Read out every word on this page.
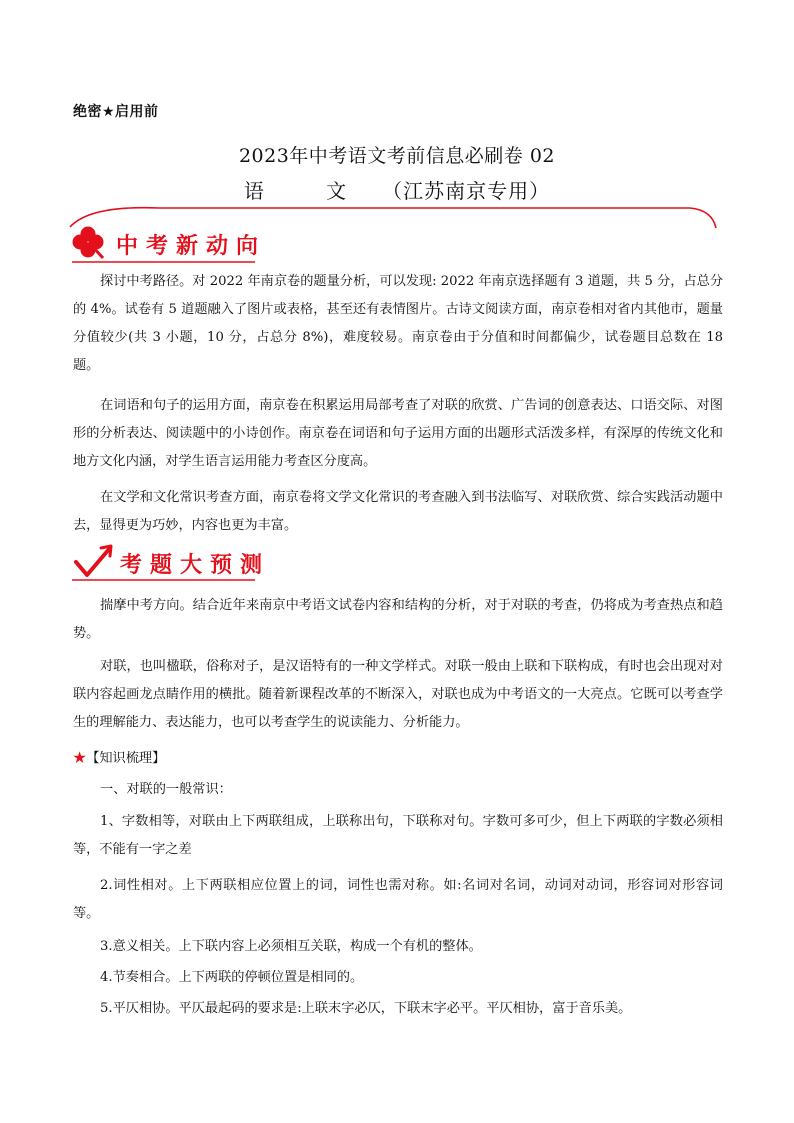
绝密★启用前
2023年中考语文考前信息必刷卷 02
语 文 （江苏南京专用）
中考新动向

探讨中考路径。对 2022 年南京卷的题量分析，可以发现: 2022 年南京选择题有 3 道题，共 5 分，占总分的 4%。试卷有 5 道题融入了图片或表格，甚至还有表情图片。古诗文阅读方面，南京卷相对省内其他市，题量分值较少(共 3 小题，10 分，占总分 8%)，难度较易。南京卷由于分值和时间都偏少，试卷题目总数在 18 题。

在词语和句子的运用方面，南京卷在积累运用局部考查了对联的欣赏、广告词的创意表达、口语交际、对图形的分析表达、阅读题中的小诗创作。南京卷在词语和句子运用方面的出题形式活泼多样，有深厚的传统文化和地方文化内涵，对学生语言运用能力考查区分度高。

在文学和文化常识考查方面，南京卷将文学文化常识的考查融入到书法临写、对联欣赏、综合实践活动题中去，显得更为巧妙，内容也更为丰富。

考题大预测

揣摩中考方向。结合近年来南京中考语文试卷内容和结构的分析，对于对联的考查，仍将成为考查热点和趋势。

对联，也叫楹联，俗称对子，是汉语特有的一种文学样式。对联一般由上联和下联构成，有时也会出现对对联内容起画龙点睛作用的横批。随着新课程改革的不断深入，对联也成为中考语文的一大亮点。它既可以考查学生的理解能力、表达能力，也可以考查学生的说读能力、分析能力。

★【知识梳理】

一、对联的一般常识：

1、字数相等，对联由上下两联组成，上联称出句，下联称对句。字数可多可少，但上下两联的字数必须相等，不能有一字之差

2.词性相对。上下两联相应位置上的词，词性也需对称。如:名词对名词，动词对动词，形容词对形容词等。

3.意义相关。上下联内容上必须相互关联，构成一个有机的整体。

4.节奏相合。上下两联的停顿位置是相同的。

5.平仄相协。平仄最起码的要求是:上联末字必仄，下联末字必平。平仄相协，富于音乐美。
